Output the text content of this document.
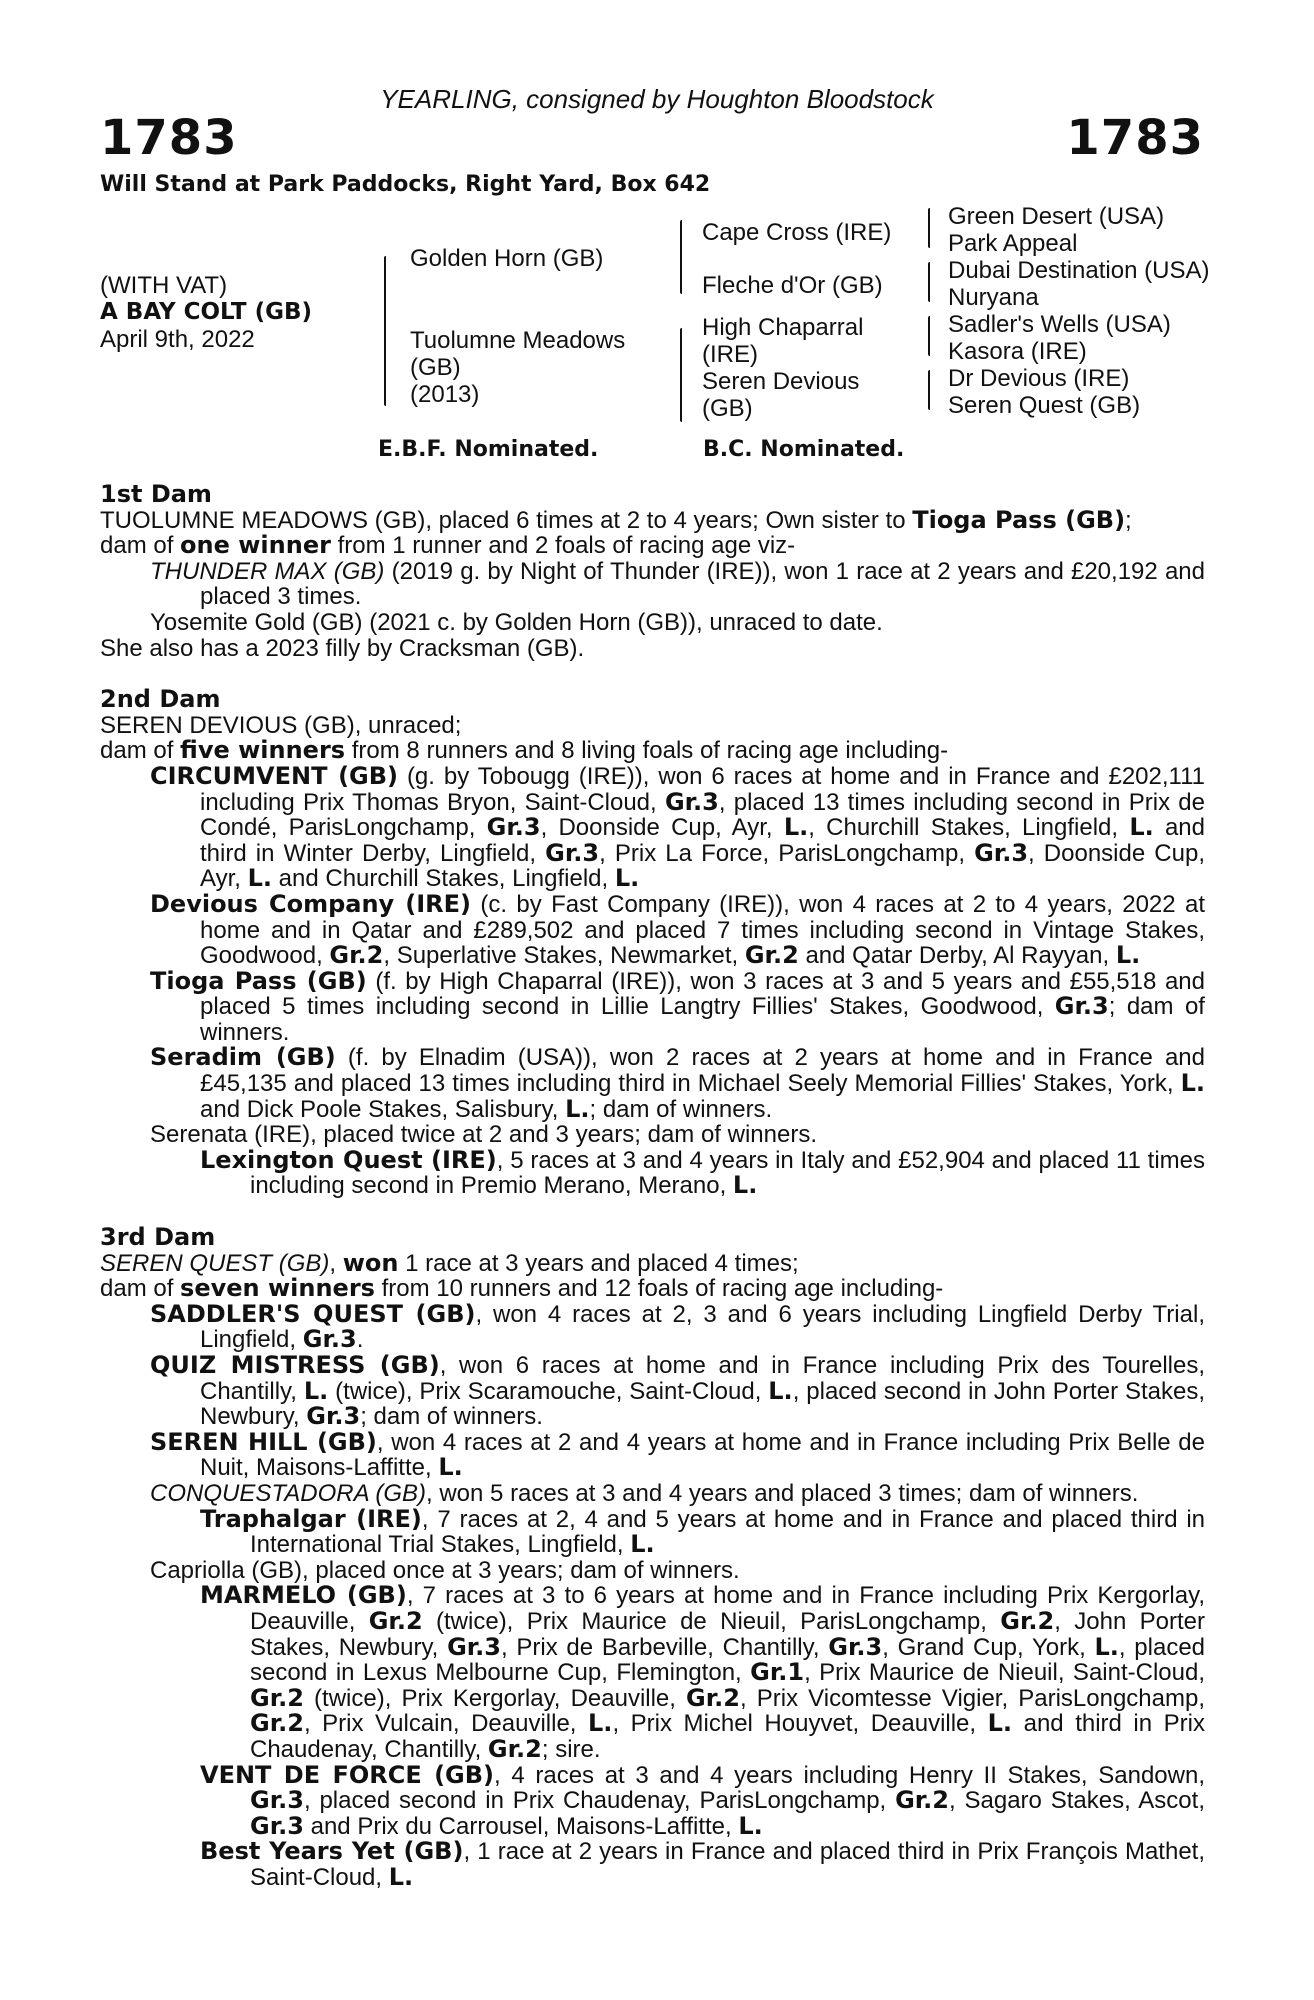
YEARLING, consigned by Houghton Bloodstock
1783	1783
Will Stand at Park Paddocks, Right Yard, Box 642
(WITH VAT)
A BAY COLT (GB)
April 9th, 2022
Golden Horn (GB)
Tuolumne Meadows
(GB)
(2013)
Cape Cross (IRE)
Fleche d'Or (GB)
High Chaparral
(IRE)
Seren Devious
(GB)
Green Desert (USA)
Park Appeal
Dubai Destination (USA)
Nuryana
Sadler's Wells (USA)
Kasora (IRE)
Dr Devious (IRE)
Seren Quest (GB)
E.B.F. Nominated.	B.C. Nominated.

1st Dam

TUOLUMNE MEADOWS (GB), placed 6 times at 2 to 4 years; Own sister to Tioga Pass (GB);

dam of one winner from 1 runner and 2 foals of racing age viz-

THUNDER MAX (GB) (2019 g. by Night of Thunder (IRE)), won 1 race at 2 years and £20,192 and placed 3 times.

Yosemite Gold (GB) (2021 c. by Golden Horn (GB)), unraced to date.

She also has a 2023 filly by Cracksman (GB).

2nd Dam

SEREN DEVIOUS (GB), unraced;

dam of five winners from 8 runners and 8 living foals of racing age including-

CIRCUMVENT (GB) (g. by Tobougg (IRE)), won 6 races at home and in France and £202,111 including Prix Thomas Bryon, Saint-Cloud, Gr.3, placed 13 times including second in Prix de Condé, ParisLongchamp, Gr.3, Doonside Cup, Ayr, L., Churchill Stakes, Lingfield, L. and third in Winter Derby, Lingfield, Gr.3, Prix La Force, ParisLongchamp, Gr.3, Doonside Cup, Ayr, L. and Churchill Stakes, Lingfield, L.

Devious Company (IRE) (c. by Fast Company (IRE)), won 4 races at 2 to 4 years, 2022 at home and in Qatar and £289,502 and placed 7 times including second in Vintage Stakes, Goodwood, Gr.2, Superlative Stakes, Newmarket, Gr.2 and Qatar Derby, Al Rayyan, L.

Tioga Pass (GB) (f. by High Chaparral (IRE)), won 3 races at 3 and 5 years and £55,518 and placed 5 times including second in Lillie Langtry Fillies' Stakes, Goodwood, Gr.3; dam of winners.

Seradim (GB) (f. by Elnadim (USA)), won 2 races at 2 years at home and in France and £45,135 and placed 13 times including third in Michael Seely Memorial Fillies' Stakes, York, L. and Dick Poole Stakes, Salisbury, L.; dam of winners.

Serenata (IRE), placed twice at 2 and 3 years; dam of winners.

Lexington Quest (IRE), 5 races at 3 and 4 years in Italy and £52,904 and placed 11 times including second in Premio Merano, Merano, L.

3rd Dam

SEREN QUEST (GB), won 1 race at 3 years and placed 4 times;

dam of seven winners from 10 runners and 12 foals of racing age including-

SADDLER'S QUEST (GB), won 4 races at 2, 3 and 6 years including Lingfield Derby Trial, Lingfield, Gr.3.

QUIZ MISTRESS (GB), won 6 races at home and in France including Prix des Tourelles, Chantilly, L. (twice), Prix Scaramouche, Saint-Cloud, L., placed second in John Porter Stakes, Newbury, Gr.3; dam of winners.

SEREN HILL (GB), won 4 races at 2 and 4 years at home and in France including Prix Belle de Nuit, Maisons-Laffitte, L.

CONQUESTADORA (GB), won 5 races at 3 and 4 years and placed 3 times; dam of winners.

Traphalgar (IRE), 7 races at 2, 4 and 5 years at home and in France and placed third in International Trial Stakes, Lingfield, L.

Capriolla (GB), placed once at 3 years; dam of winners.

MARMELO (GB), 7 races at 3 to 6 years at home and in France including Prix Kergorlay, Deauville, Gr.2 (twice), Prix Maurice de Nieuil, ParisLongchamp, Gr.2, John Porter Stakes, Newbury, Gr.3, Prix de Barbeville, Chantilly, Gr.3, Grand Cup, York, L., placed second in Lexus Melbourne Cup, Flemington, Gr.1, Prix Maurice de Nieuil, Saint-Cloud, Gr.2 (twice), Prix Kergorlay, Deauville, Gr.2, Prix Vicomtesse Vigier, ParisLongchamp, Gr.2, Prix Vulcain, Deauville, L., Prix Michel Houyvet, Deauville, L. and third in Prix Chaudenay, Chantilly, Gr.2; sire.

VENT DE FORCE (GB), 4 races at 3 and 4 years including Henry II Stakes, Sandown, Gr.3, placed second in Prix Chaudenay, ParisLongchamp, Gr.2, Sagaro Stakes, Ascot, Gr.3 and Prix du Carrousel, Maisons-Laffitte, L.

Best Years Yet (GB), 1 race at 2 years in France and placed third in Prix François Mathet, Saint-Cloud, L.
